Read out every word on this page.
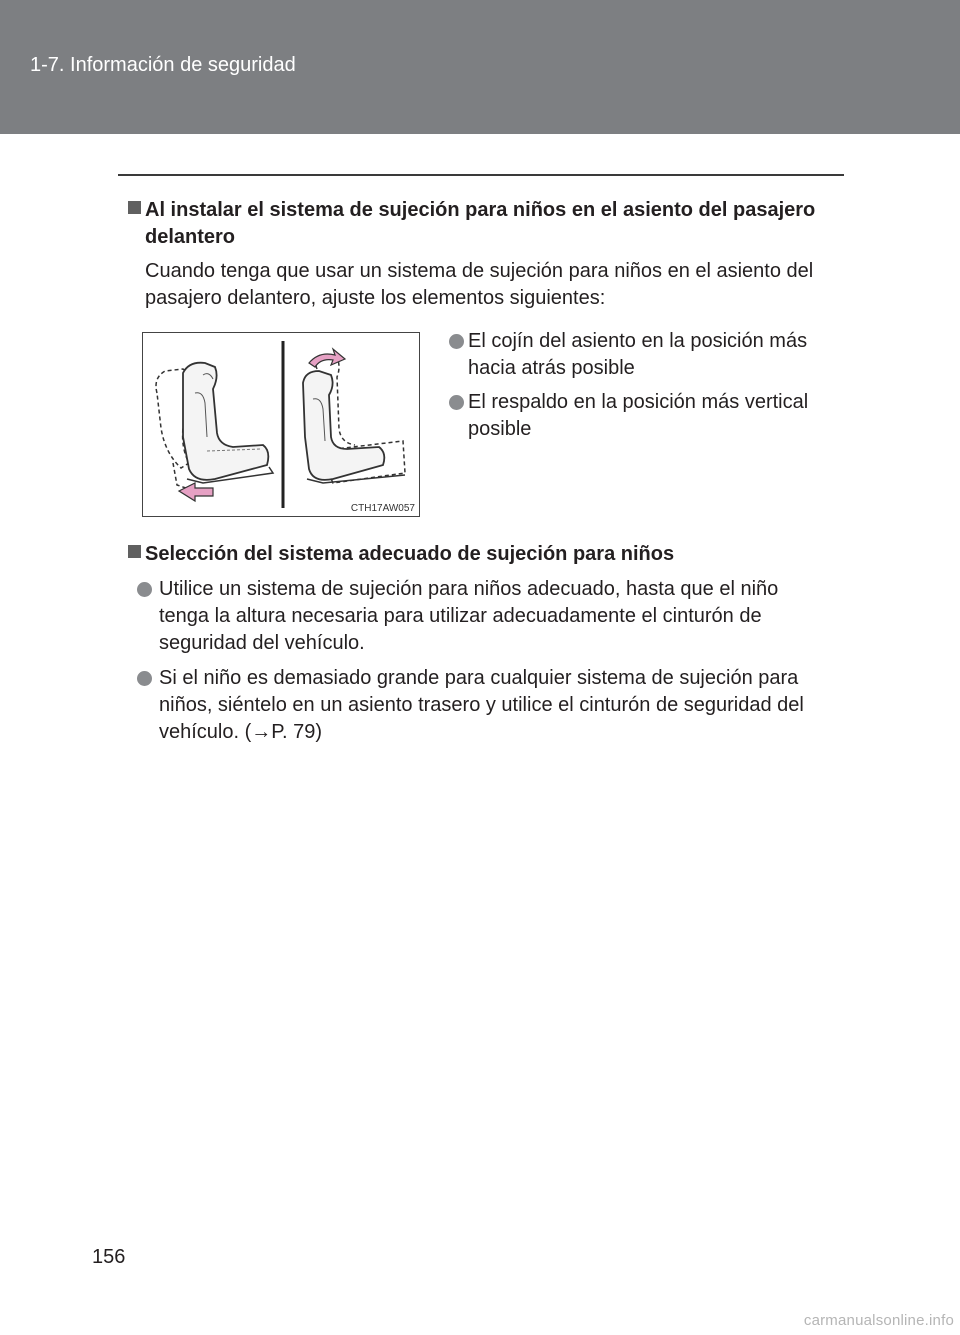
1-7. Información de seguridad
Al instalar el sistema de sujeción para niños en el asiento del pasajero
delantero
Cuando tenga que usar un sistema de sujeción para niños en el asiento del
pasajero delantero, ajuste los elementos siguientes:
CTH17AW057
El cojín del asiento en la posición más
hacia atrás posible
El respaldo en la posición más vertical
posible
Selección del sistema adecuado de sujeción para niños
Utilice un sistema de sujeción para niños adecuado, hasta que el niño
tenga la altura necesaria para utilizar adecuadamente el cinturón de
seguridad del vehículo.
Si el niño es demasiado grande para cualquier sistema de sujeción para
niños, siéntelo en un asiento trasero y utilice el cinturón de seguridad del
vehículo. (→P. 79)
156
carmanualsonline.info
